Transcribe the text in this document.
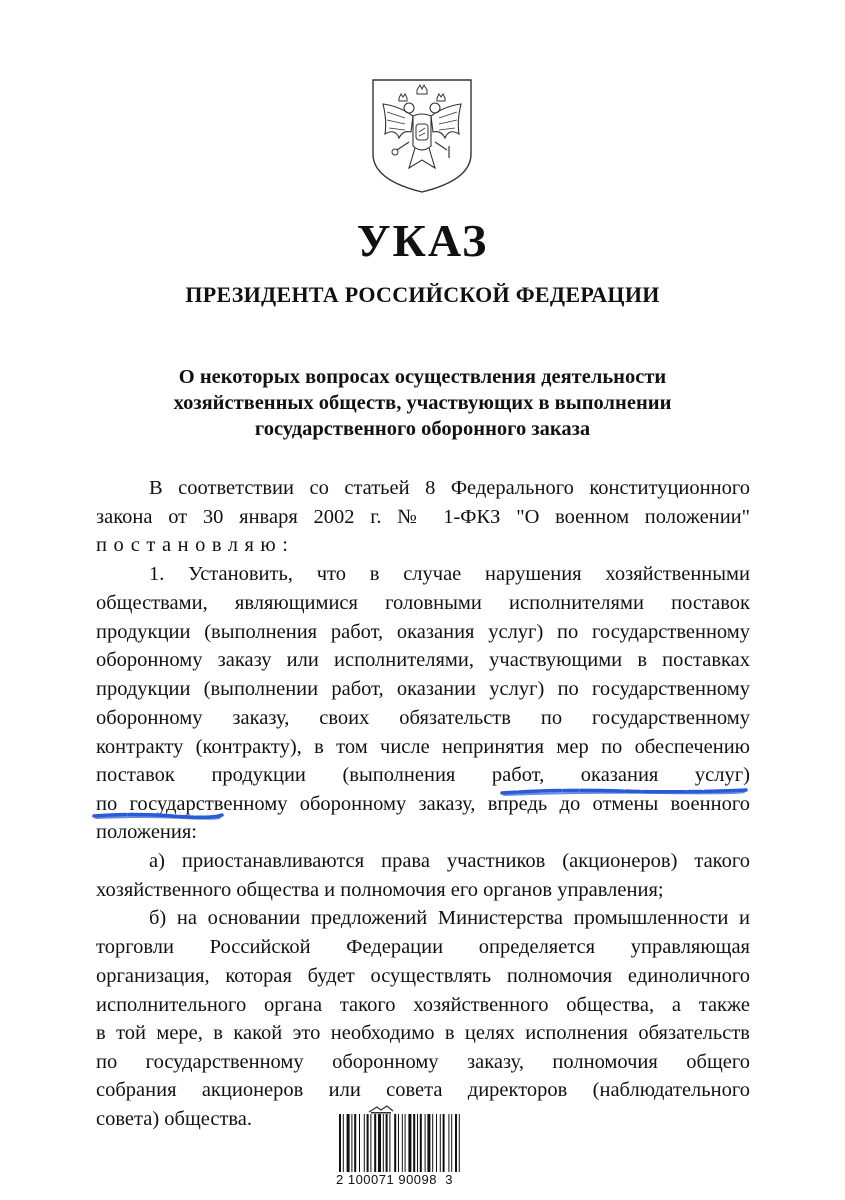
УКАЗ
ПРЕЗИДЕНТА РОССИЙСКОЙ ФЕДЕРАЦИИ
О некоторых вопросах осуществления деятельности
хозяйственных обществ, участвующих в выполнении
государственного оборонного заказа
В соответствии со статьей 8 Федерального конституционного
закона от 30 января 2002 г. № 1-ФКЗ "О военном положении"
постановляю:
1. Установить, что в случае нарушения хозяйственными
обществами, являющимися головными исполнителями поставок
продукции (выполнения работ, оказания услуг) по государственному
оборонному заказу или исполнителями, участвующими в поставках
продукции (выполнении работ, оказании услуг) по государственному
оборонному заказу, своих обязательств по государственному
контракту (контракту), в том числе непринятия мер по обеспечению
поставок продукции (выполнения работ, оказания услуг)
по государственному оборонному заказу, впредь до отмены военного
положения:
а) приостанавливаются права участников (акционеров) такого
хозяйственного общества и полномочия его органов управления;
б) на основании предложений Министерства промышленности и
торговли Российской Федерации определяется управляющая
организация, которая будет осуществлять полномочия единоличного
исполнительного органа такого хозяйственного общества, а также
в той мере, в какой это необходимо в целях исполнения обязательств
по государственному оборонному заказу, полномочия общего
собрания акционеров или совета директоров (наблюдательного
совета) общества.
2 100071 90098  3
